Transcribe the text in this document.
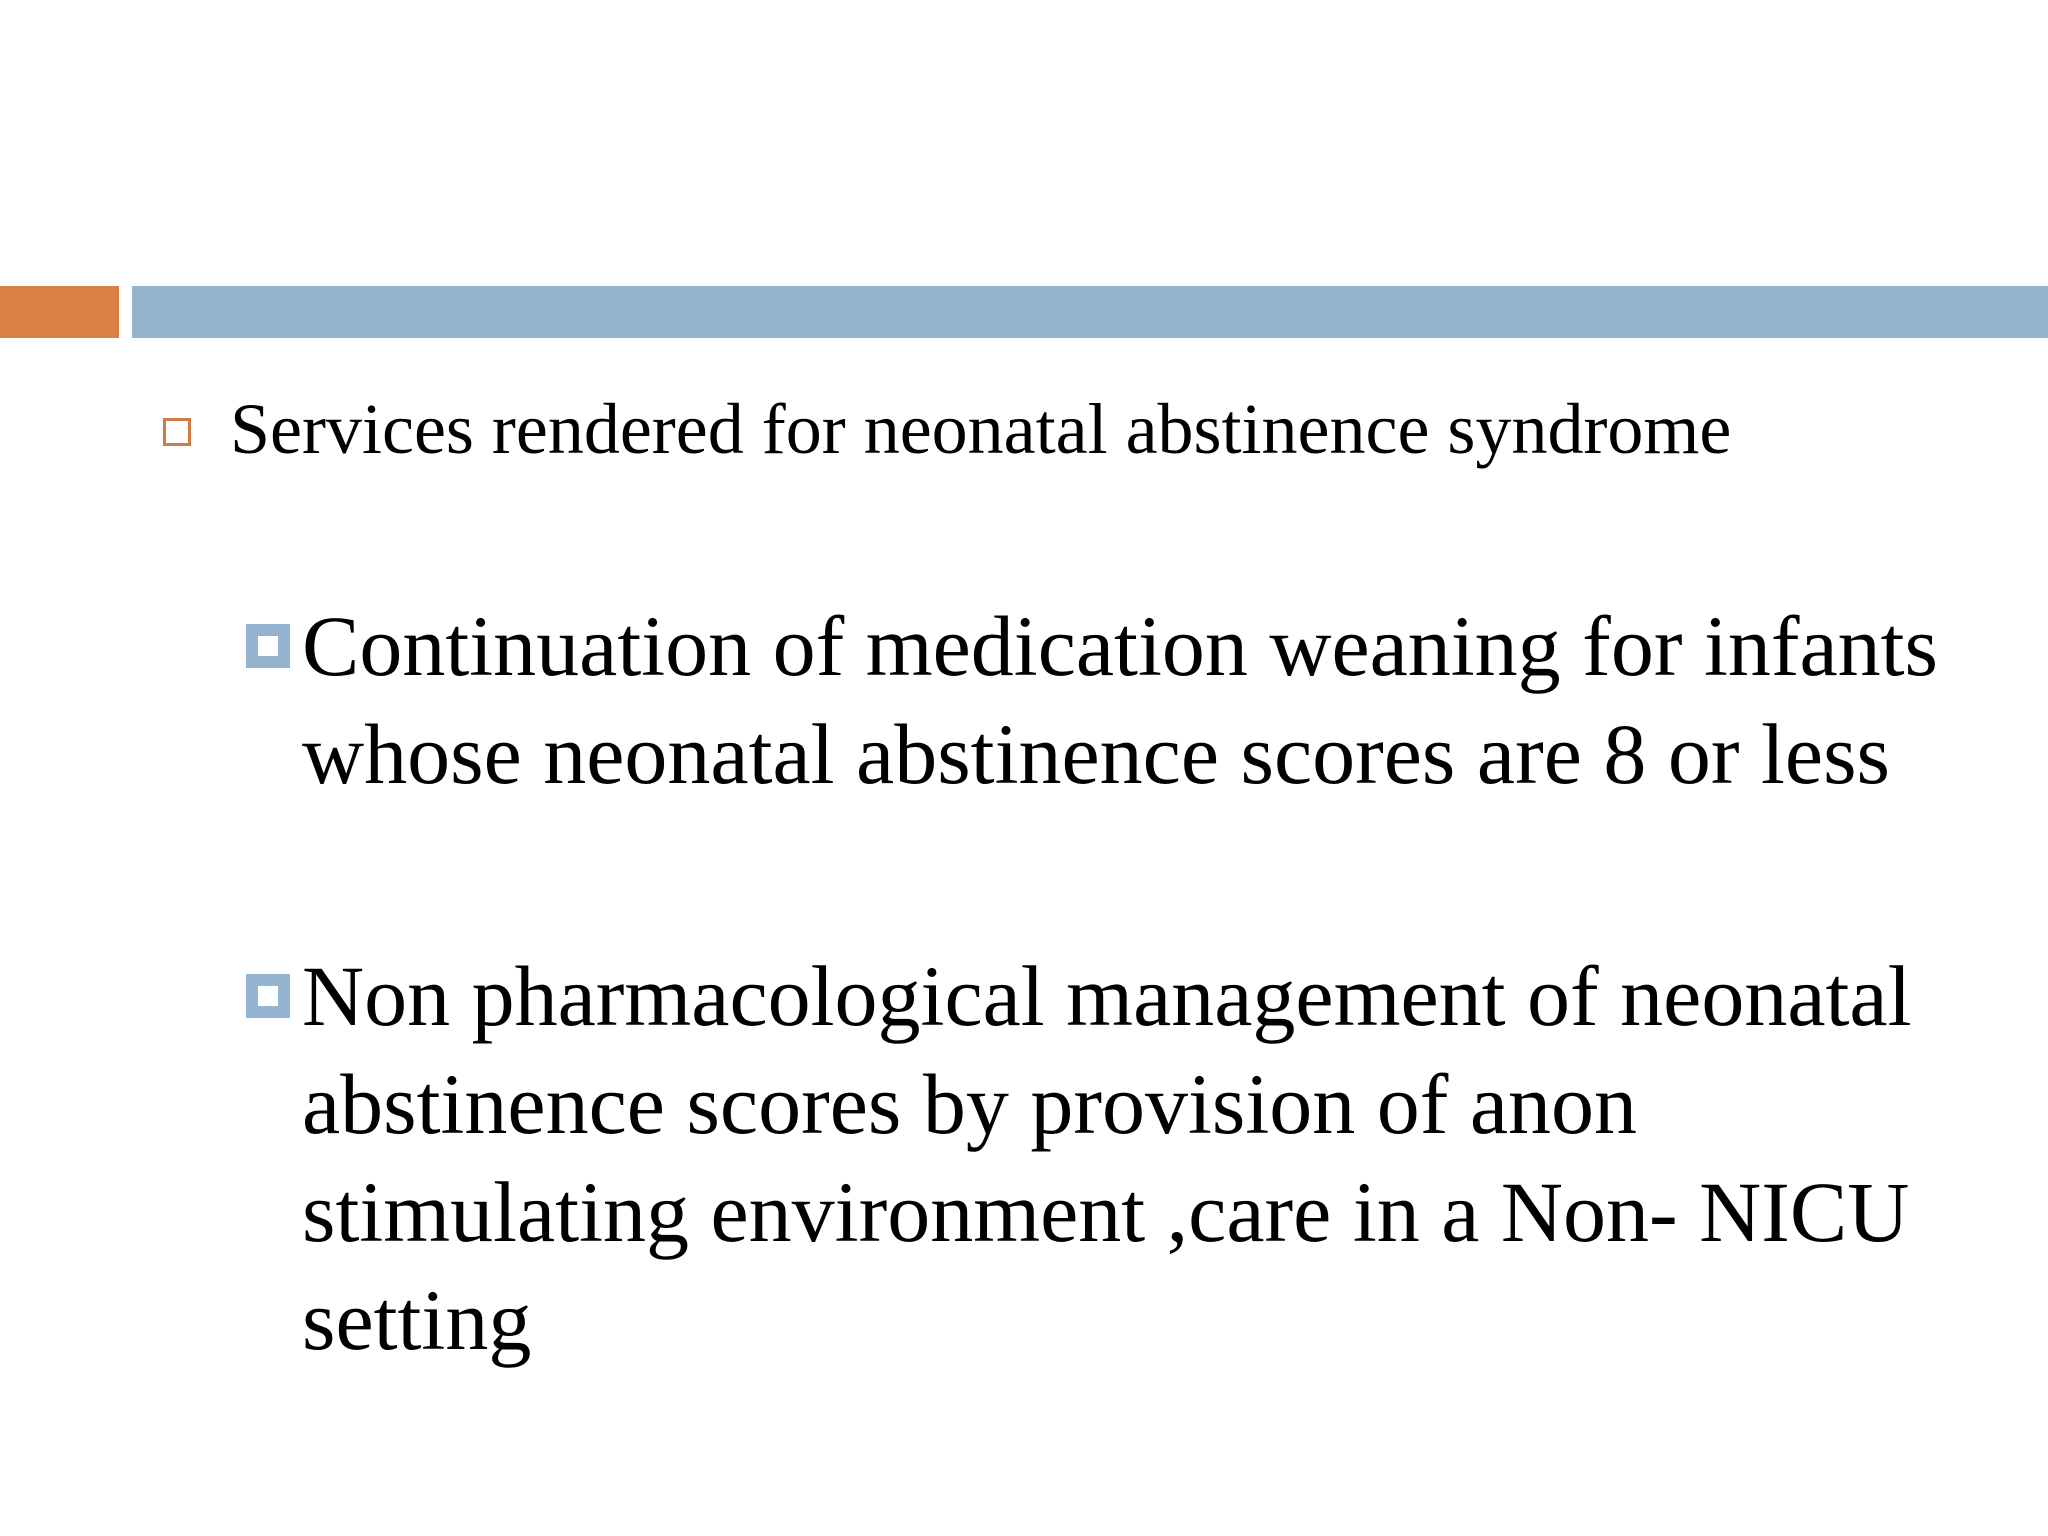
Services rendered for neonatal abstinence syndrome

Continuation of medication weaning for infants whose neonatal abstinence scores are 8 or less

Non pharmacological management of neonatal abstinence scores by provision of anon stimulating environment ,care in a Non- NICU setting
